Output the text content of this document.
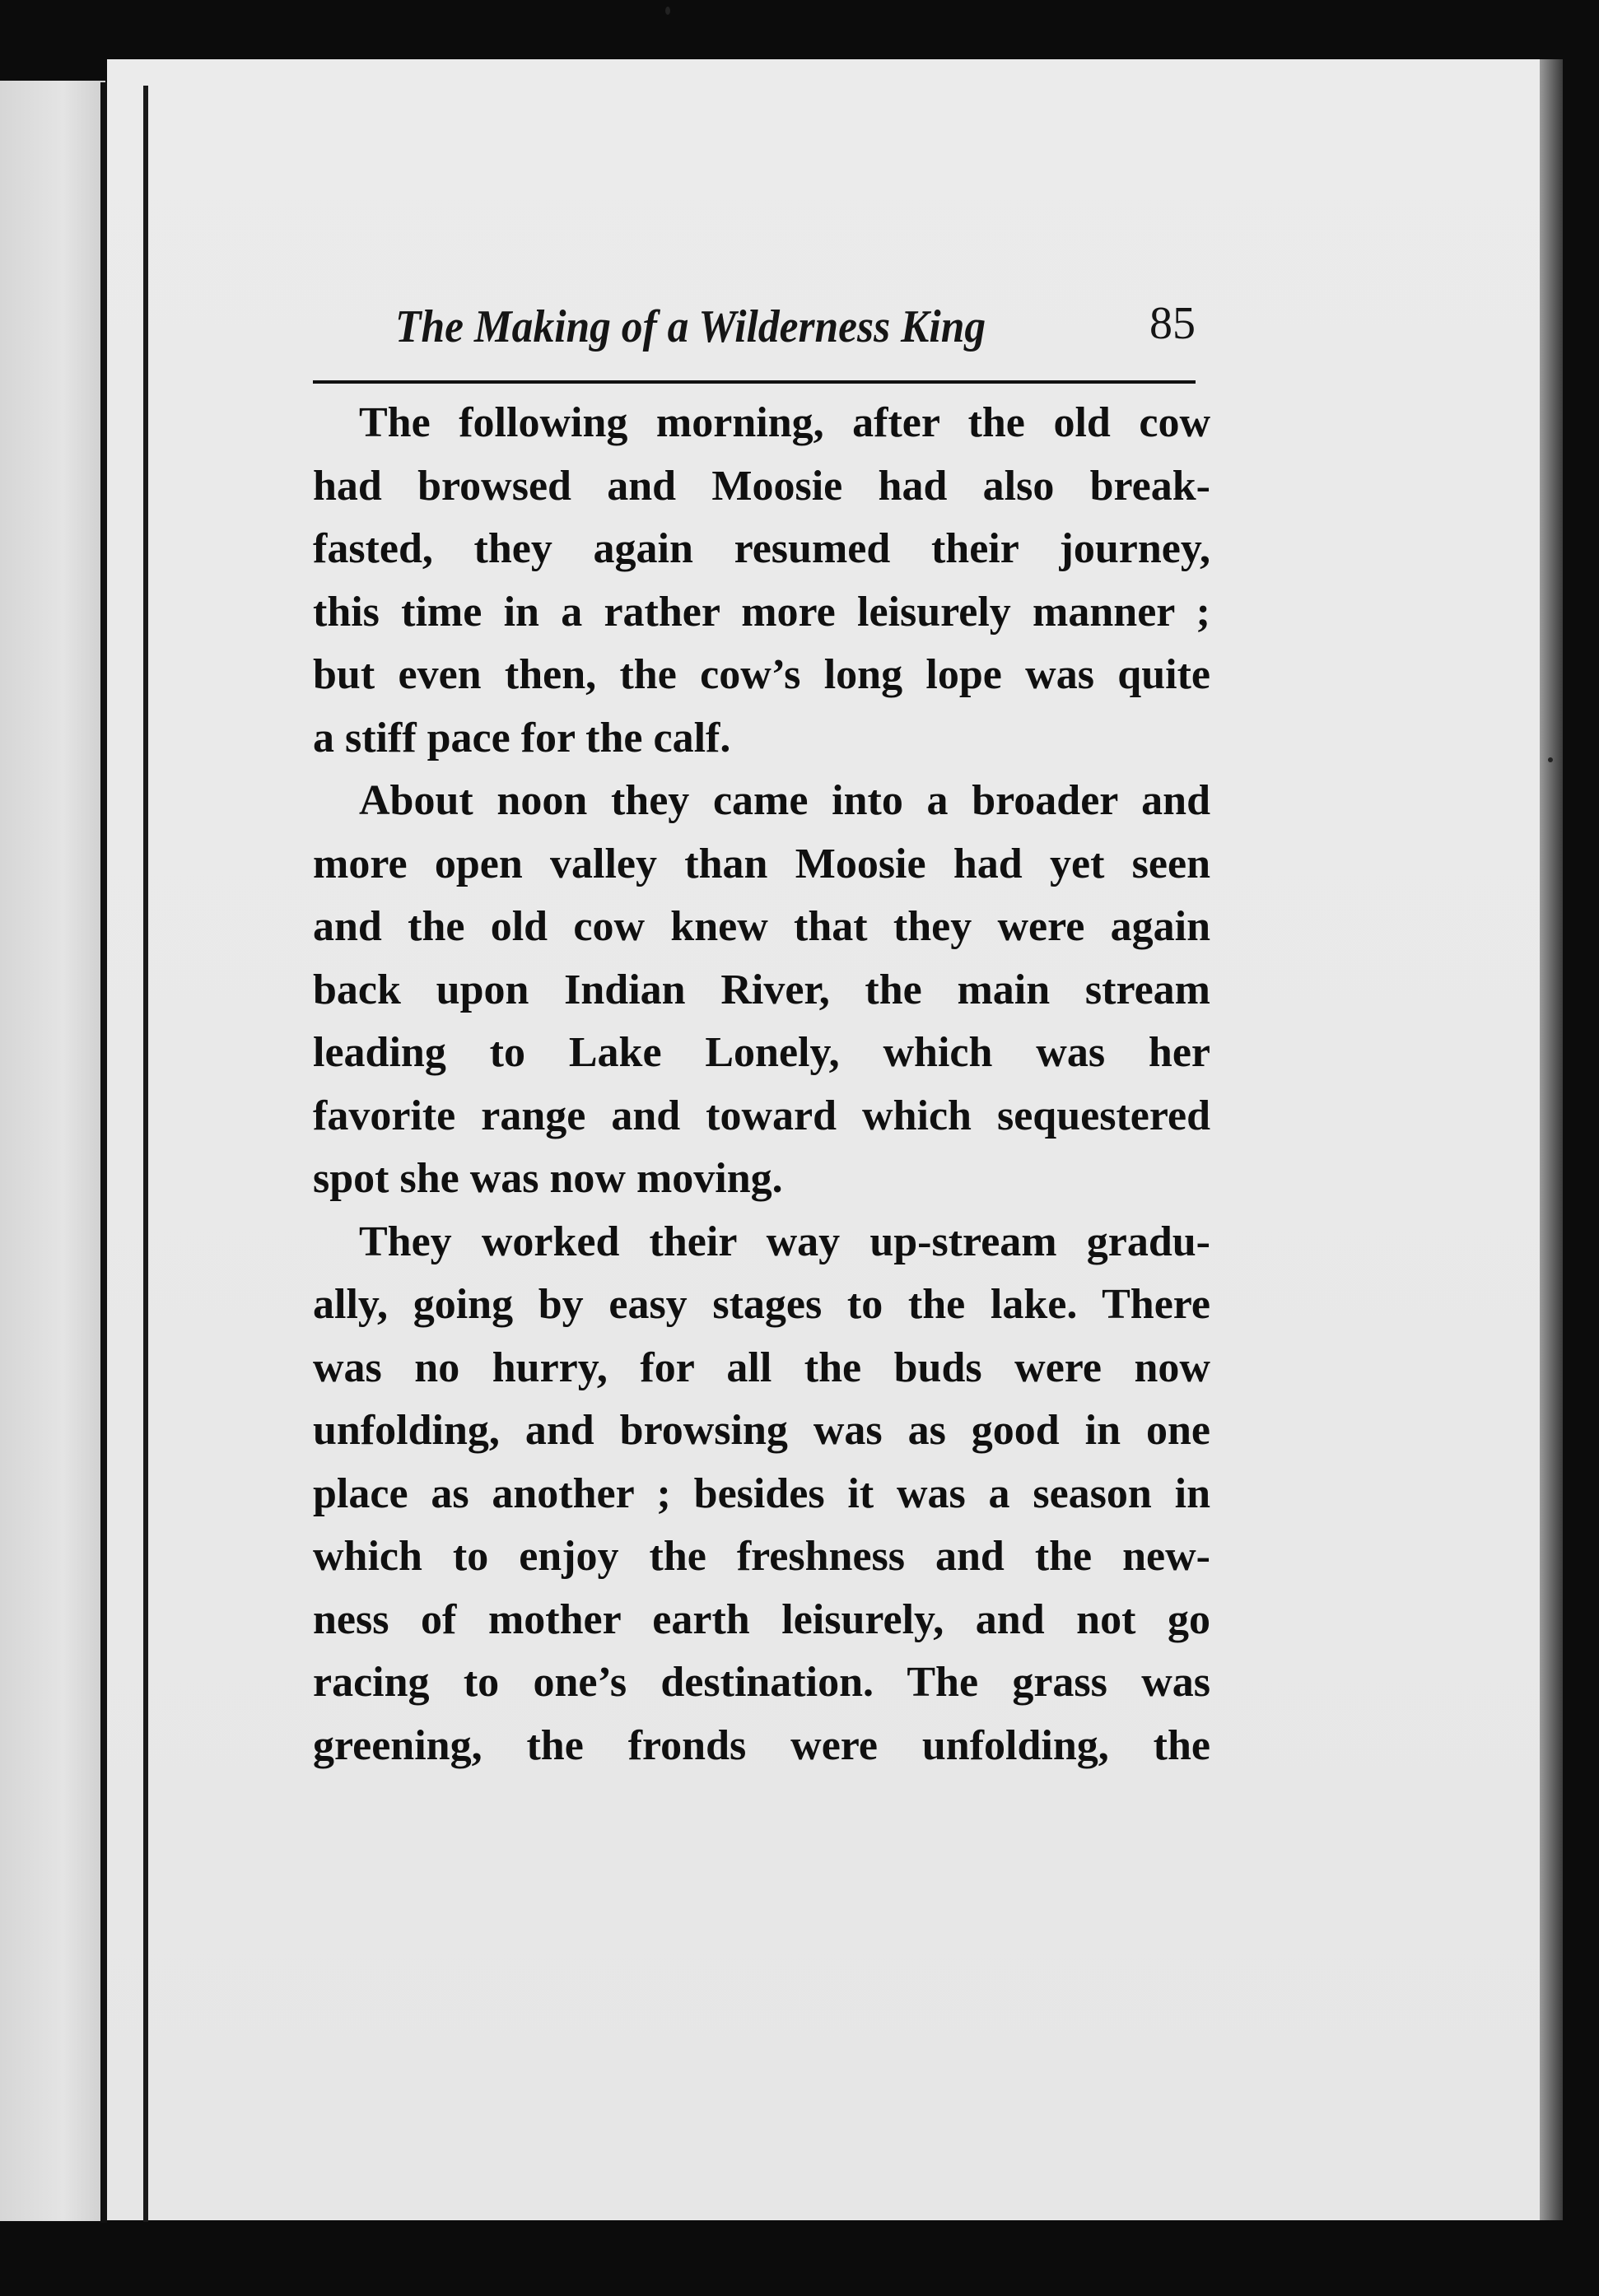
The Making of a Wilderness King	85

The following morning, after the old cow
had browsed and Moosie had also break-
fasted, they again resumed their journey,
this time in a rather more leisurely manner ;
but even then, the cow’s long lope was quite
a stiff pace for the calf.

About noon they came into a broader and
more open valley than Moosie had yet seen
and the old cow knew that they were again
back upon Indian River, the main stream
leading to Lake Lonely, which was her
favorite range and toward which sequestered
spot she was now moving.

They worked their way up-stream gradu-
ally, going by easy stages to the lake. There
was no hurry, for all the buds were now
unfolding, and browsing was as good in one
place as another ; besides it was a season in
which to enjoy the freshness and the new-
ness of mother earth leisurely, and not go
racing to one’s destination. The grass was
greening, the fronds were unfolding, the
